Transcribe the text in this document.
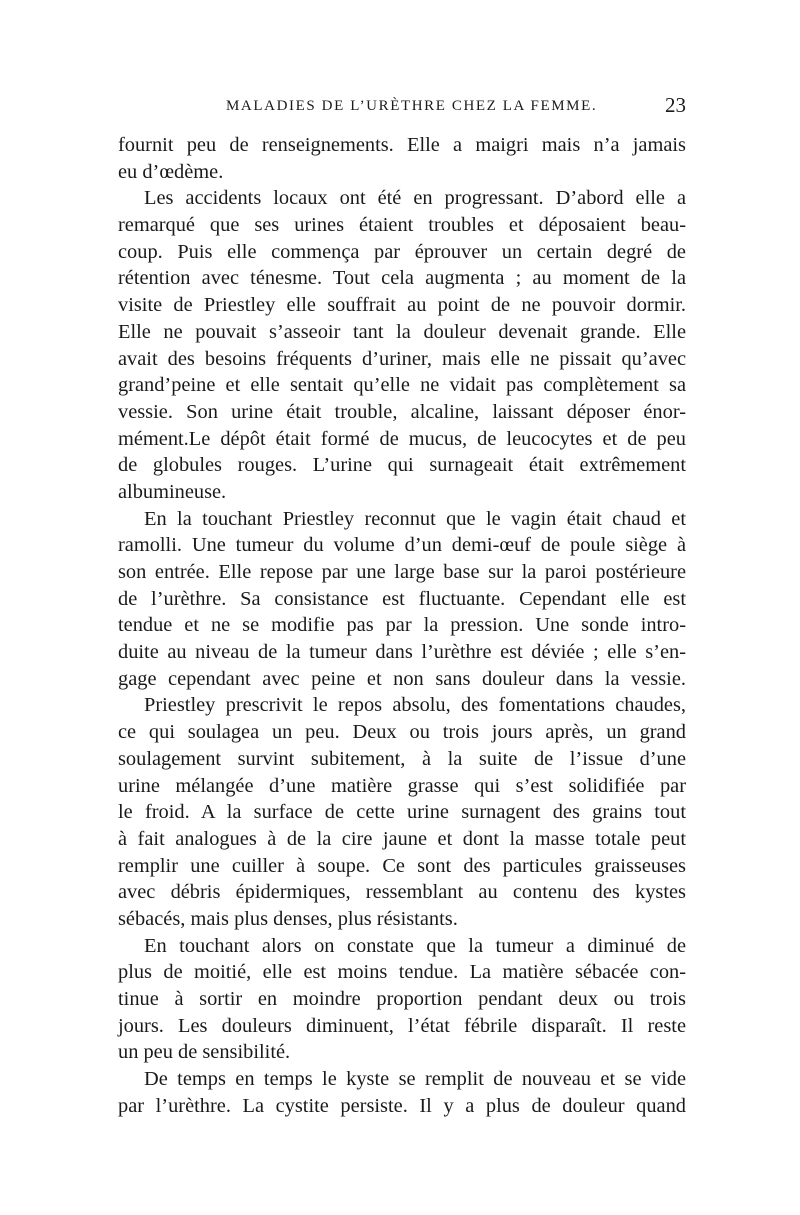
MALADIES DE L’URÈTHRE CHEZ LA FEMME.	23
fournit peu de renseignements. Elle a maigri mais n’a jamais
eu d’œdème.
Les accidents locaux ont été en progressant. D’abord elle a
remarqué que ses urines étaient troubles et déposaient beau-
coup. Puis elle commença par éprouver un certain degré de
rétention avec ténesme. Tout cela augmenta ; au moment de la
visite de Priestley elle souffrait au point de ne pouvoir dormir.
Elle ne pouvait s’asseoir tant la douleur devenait grande. Elle
avait des besoins fréquents d’uriner, mais elle ne pissait qu’avec
grand’peine et elle sentait qu’elle ne vidait pas complètement sa
vessie. Son urine était trouble, alcaline, laissant déposer énor-
mément.Le dépôt était formé de mucus, de leucocytes et de peu
de globules rouges. L’urine qui surnageait était extrêmement
albumineuse.
En la touchant Priestley reconnut que le vagin était chaud et
ramolli. Une tumeur du volume d’un demi-œuf de poule siège à
son entrée. Elle repose par une large base sur la paroi postérieure
de l’urèthre. Sa consistance est fluctuante. Cependant elle est
tendue et ne se modifie pas par la pression. Une sonde intro-
duite au niveau de la tumeur dans l’urèthre est déviée ; elle s’en-
gage cependant avec peine et non sans douleur dans la vessie.
Priestley prescrivit le repos absolu, des fomentations chaudes,
ce qui soulagea un peu. Deux ou trois jours après, un grand
soulagement survint subitement, à la suite de l’issue d’une
urine mélangée d’une matière grasse qui s’est solidifiée par
le froid. A la surface de cette urine surnagent des grains tout
à fait analogues à de la cire jaune et dont la masse totale peut
remplir une cuiller à soupe. Ce sont des particules graisseuses
avec débris épidermiques, ressemblant au contenu des kystes
sébacés, mais plus denses, plus résistants.
En touchant alors on constate que la tumeur a diminué de
plus de moitié, elle est moins tendue. La matière sébacée con-
tinue à sortir en moindre proportion pendant deux ou trois
jours. Les douleurs diminuent, l’état fébrile disparaît. Il reste
un peu de sensibilité.
De temps en temps le kyste se remplit de nouveau et se vide
par l’urèthre. La cystite persiste. Il y a plus de douleur quand
